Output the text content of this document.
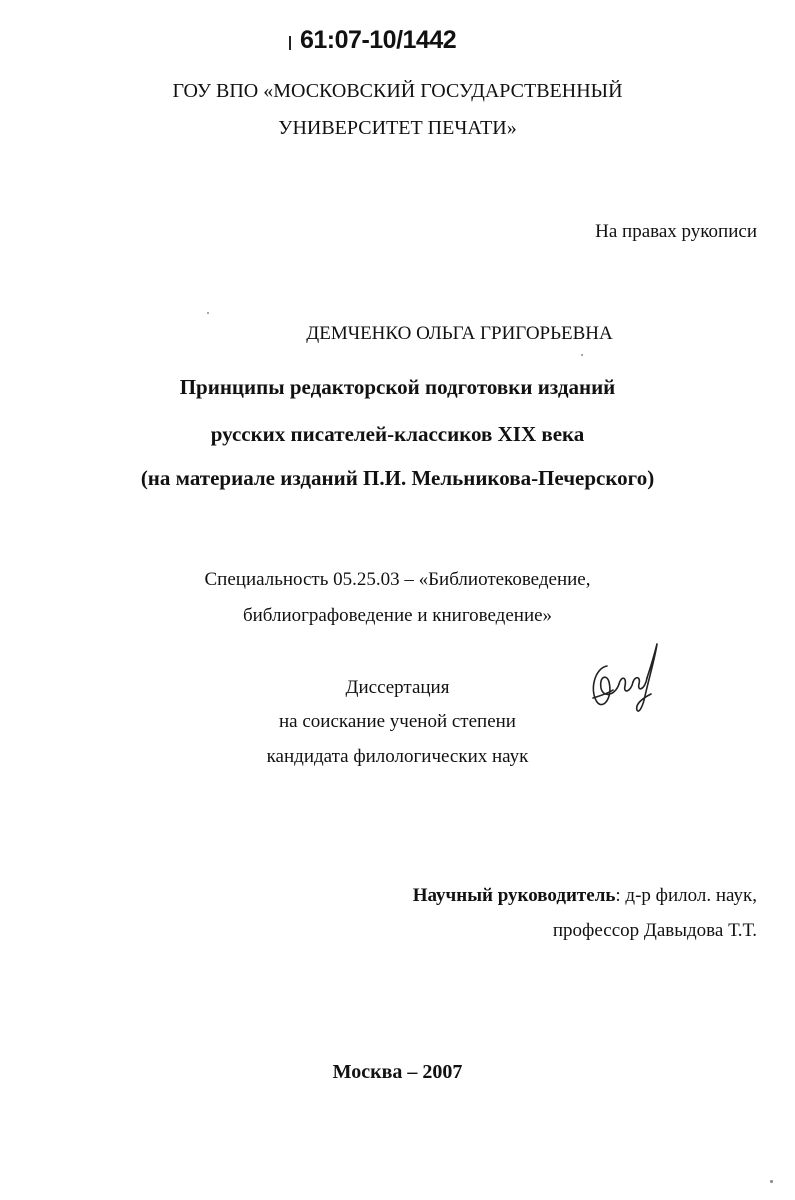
61:07-10/1442
ГОУ ВПО «МОСКОВСКИЙ ГОСУДАРСТВЕННЫЙ
УНИВЕРСИТЕТ ПЕЧАТИ»
На правах рукописи
ДЕМЧЕНКО ОЛЬГА ГРИГОРЬЕВНА
Принципы редакторской подготовки изданий
русских писателей-классиков XIX века
(на материале изданий П.И. Мельникова-Печерского)
Специальность 05.25.03 – «Библиотековедение,
библиографоведение и книговедение»
Диссертация
на соискание ученой степени
кандидата филологических наук
Научный руководитель: д-р филол. наук,
профессор Давыдова Т.Т.
Москва – 2007
